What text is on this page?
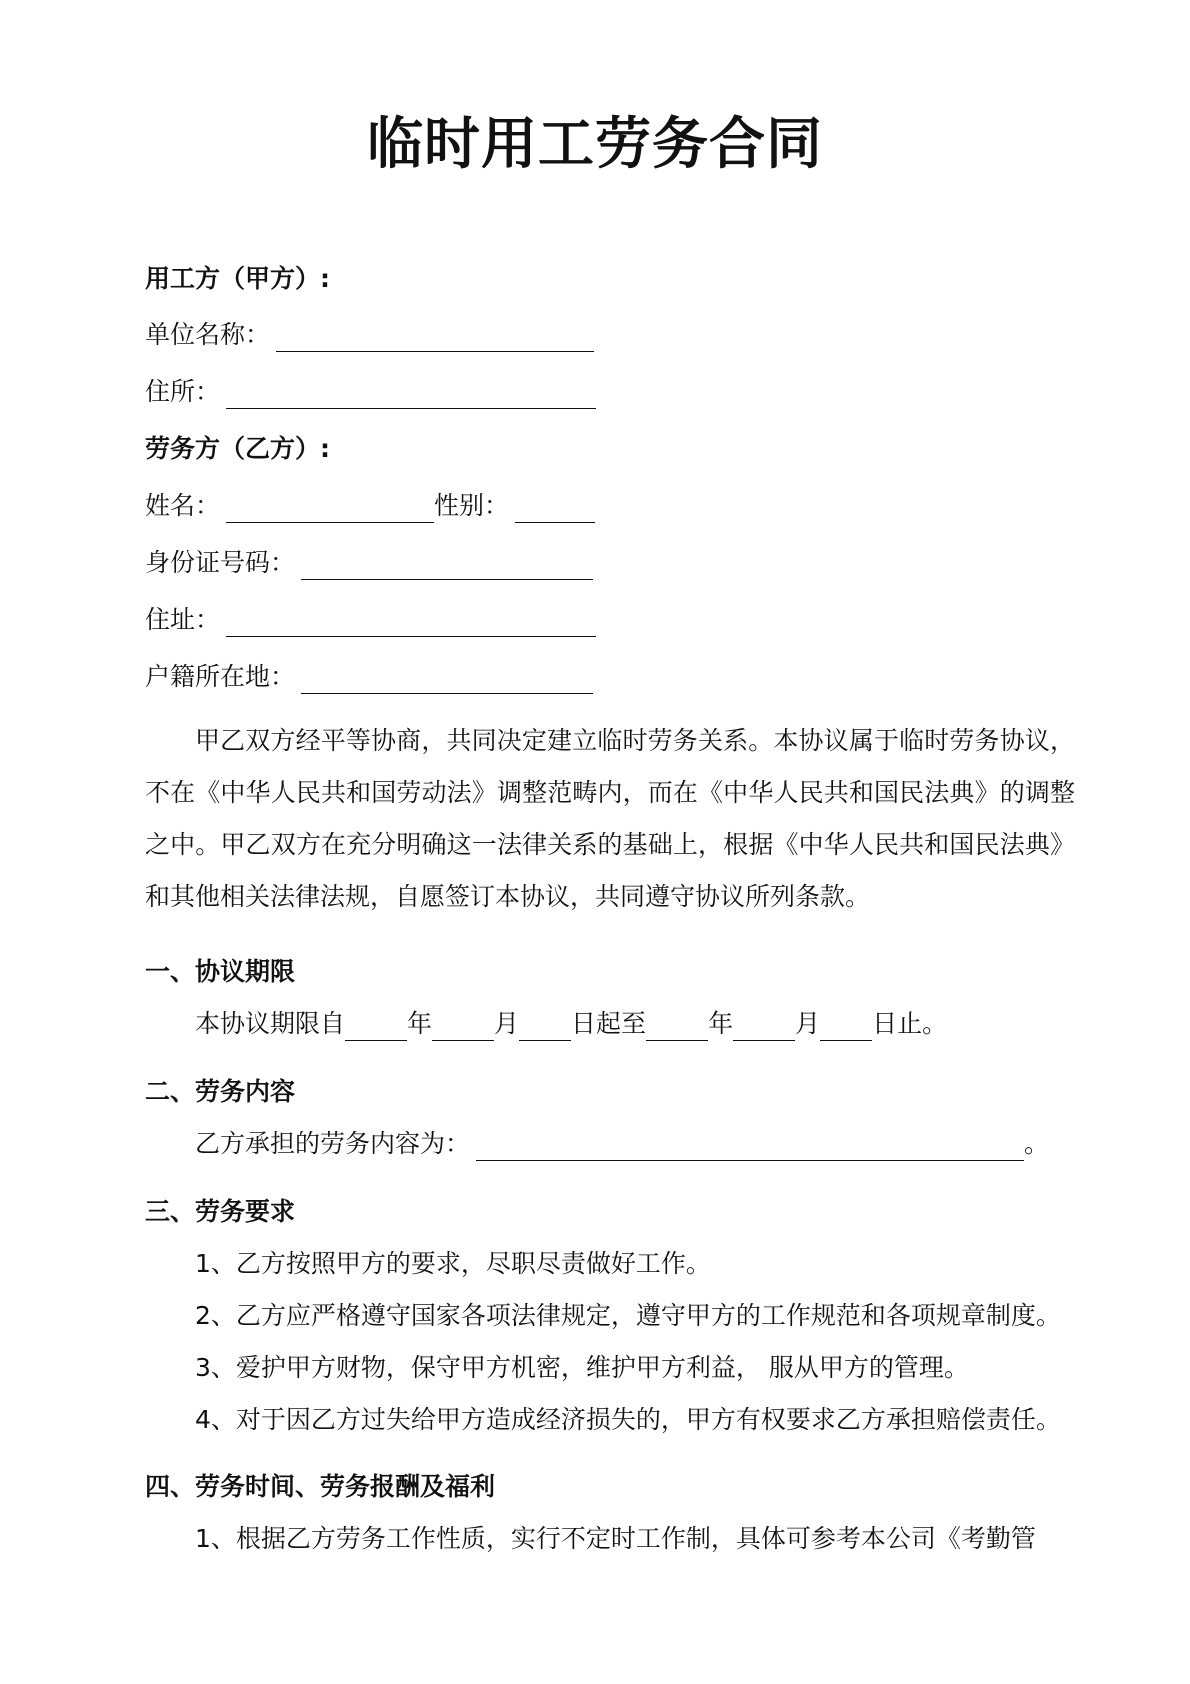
临时用工劳务合同
用工方（甲方）:
单位名称：
住所：
劳务方（乙方）:
姓名：	性别：
身份证号码：
住址：
户籍所在地：
甲乙双方经平等协商，共同决定建立临时劳务关系。本协议属于临时劳务协议，不在《中华人民共和国劳动法》调整范畴内，而在《中华人民共和国民法典》的调整之中。甲乙双方在充分明确这一法律关系的基础上，根据《中华人民共和国民法典》和其他相关法律法规，自愿签订本协议，共同遵守协议所列条款。
一、协议期限
本协议期限自 年 月 日起至 年 月 日止。
二、劳务内容
乙方承担的劳务内容为：	。
三、劳务要求
1、乙方按照甲方的要求，尽职尽责做好工作。
2、乙方应严格遵守国家各项法律规定，遵守甲方的工作规范和各项规章制度。
3、爱护甲方财物，保守甲方机密，维护甲方利益， 服从甲方的管理。
4、对于因乙方过失给甲方造成经济损失的，甲方有权要求乙方承担赔偿责任。
四、劳务时间、劳务报酬及福利
1、根据乙方劳务工作性质，实行不定时工作制，具体可参考本公司《考勤管
